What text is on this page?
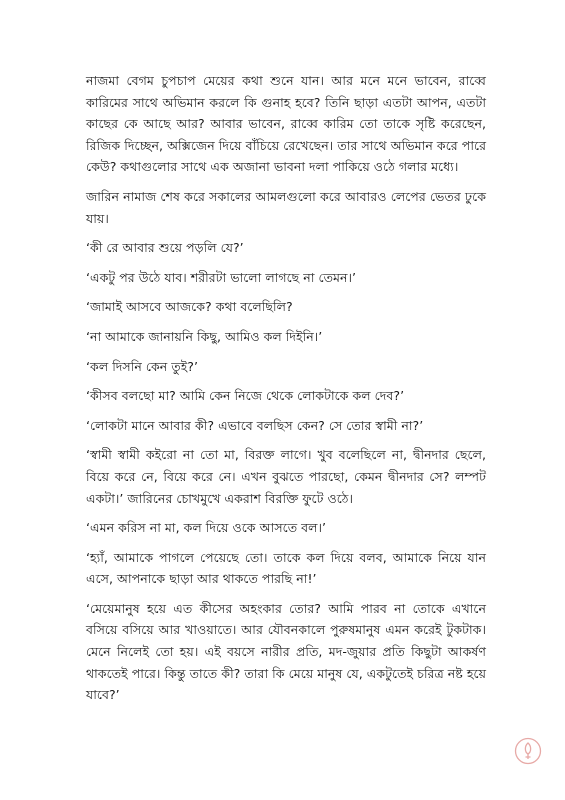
নাজমা বেগম চুপচাপ মেয়ের কথা শুনে যান। আর মনে মনে ভাবেন, রাব্বে কারিমের সাথে অভিমান করলে কি গুনাহ হবে? তিনি ছাড়া এতটা আপন, এতটা কাছের কে আছে আর? আবার ভাবেন, রাব্বে কারিম তো তাকে সৃষ্টি করেছেন, রিজিক দিচ্ছেন, অক্সিজেন দিয়ে বাঁচিয়ে রেখেছেন। তার সাথে অভিমান করে পারে কেউ? কথাগুলোর সাথে এক অজানা ভাবনা দলা পাকিয়ে ওঠে গলার মধ্যে।

জারিন নামাজ শেষ করে সকালের আমলগুলো করে আবারও লেপের ভেতর ঢুকে যায়।

‘কী রে আবার শুয়ে পড়লি যে?’

‘একটু পর উঠে যাব। শরীরটা ভালো লাগছে না তেমন।’

‘জামাই আসবে আজকে? কথা বলেছিলি?

‘না আমাকে জানায়নি কিছু, আমিও কল দিইনি।’

‘কল দিসনি কেন তুই?’

‘কীসব বলছো মা? আমি কেন নিজে থেকে লোকটাকে কল দেব?’

‘লোকটা মানে আবার কী? এভাবে বলছিস কেন? সে তোর স্বামী না?’

‘স্বামী স্বামী কইরো না তো মা, বিরক্ত লাগে। খুব বলেছিলে না, দ্বীনদার ছেলে, বিয়ে করে নে, বিয়ে করে নে। এখন বুঝতে পারছো, কেমন দ্বীনদার সে? লম্পট একটা।’ জারিনের চোখমুখে একরাশ বিরক্তি ফুটে ওঠে।

‘এমন করিস না মা, কল দিয়ে ওকে আসতে বল।’

‘হ্যাঁ, আমাকে পাগলে পেয়েছে তো। তাকে কল দিয়ে বলব, আমাকে নিয়ে যান এসে, আপনাকে ছাড়া আর থাকতে পারছি না!’

‘মেয়েমানুষ হয়ে এত কীসের অহংকার তোর? আমি পারব না তোকে এখানে বসিয়ে বসিয়ে আর খাওয়াতে। আর যৌবনকালে পুরুষমানুষ এমন করেই টুকটাক। মেনে নিলেই তো হয়। এই বয়সে নারীর প্রতি, মদ-জুয়ার প্রতি কিছুটা আকর্ষণ থাকতেই পারে। কিন্তু তাতে কী? তারা কি মেয়ে মানুষ যে, একটুতেই চরিত্র নষ্ট হয়ে যাবে?’
